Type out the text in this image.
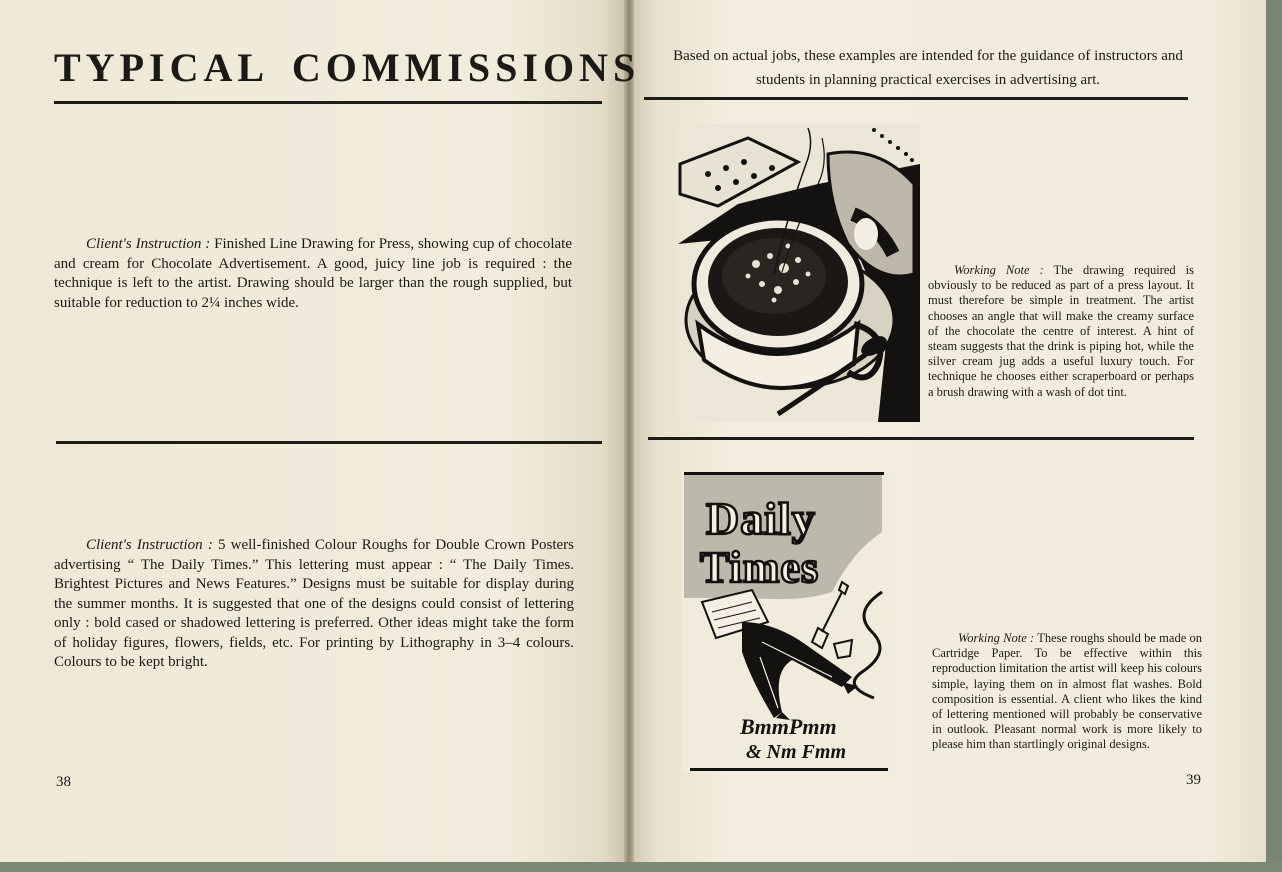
TYPICAL COMMISSIONS
Client's Instruction : Finished Line Drawing for Press, showing cup of chocolate and cream for Chocolate Advertisement. A good, juicy line job is required : the technique is left to the artist. Drawing should be larger than the rough supplied, but suitable for reduction to 2¼ inches wide.
Client's Instruction : 5 well-finished Colour Roughs for Double Crown Posters advertising “ The Daily Times.” This lettering must appear : “ The Daily Times. Brightest Pictures and News Features.” Designs must be suitable for display during the summer months. It is suggested that one of the designs could consist of lettering only : bold cased or shadowed lettering is preferred. Other ideas might take the form of holiday figures, flowers, fields, etc. For printing by Lithography in 3–4 colours. Colours to be kept bright.
38
Based on actual jobs, these examples are intended for the guidance of instructors and students in planning practical exercises in advertising art.
Working Note : The drawing required is obviously to be reduced as part of a press layout. It must therefore be simple in treatment. The artist chooses an angle that will make the creamy surface of the chocolate the centre of interest. A hint of steam suggests that the drink is piping hot, while the silver cream jug adds a useful luxury touch. For technique he chooses either scraperboard or perhaps a brush drawing with a wash of dot tint.
Daily
Times
BmmPmm
& Nm Fmm
Working Note : These roughs should be made on Cartridge Paper. To be effective within this reproduction limitation the artist will keep his colours simple, laying them on in almost flat washes. Bold composition is essential. A client who likes the kind of lettering mentioned will probably be conservative in outlook. Pleasant normal work is more likely to please him than startlingly original designs.
39
